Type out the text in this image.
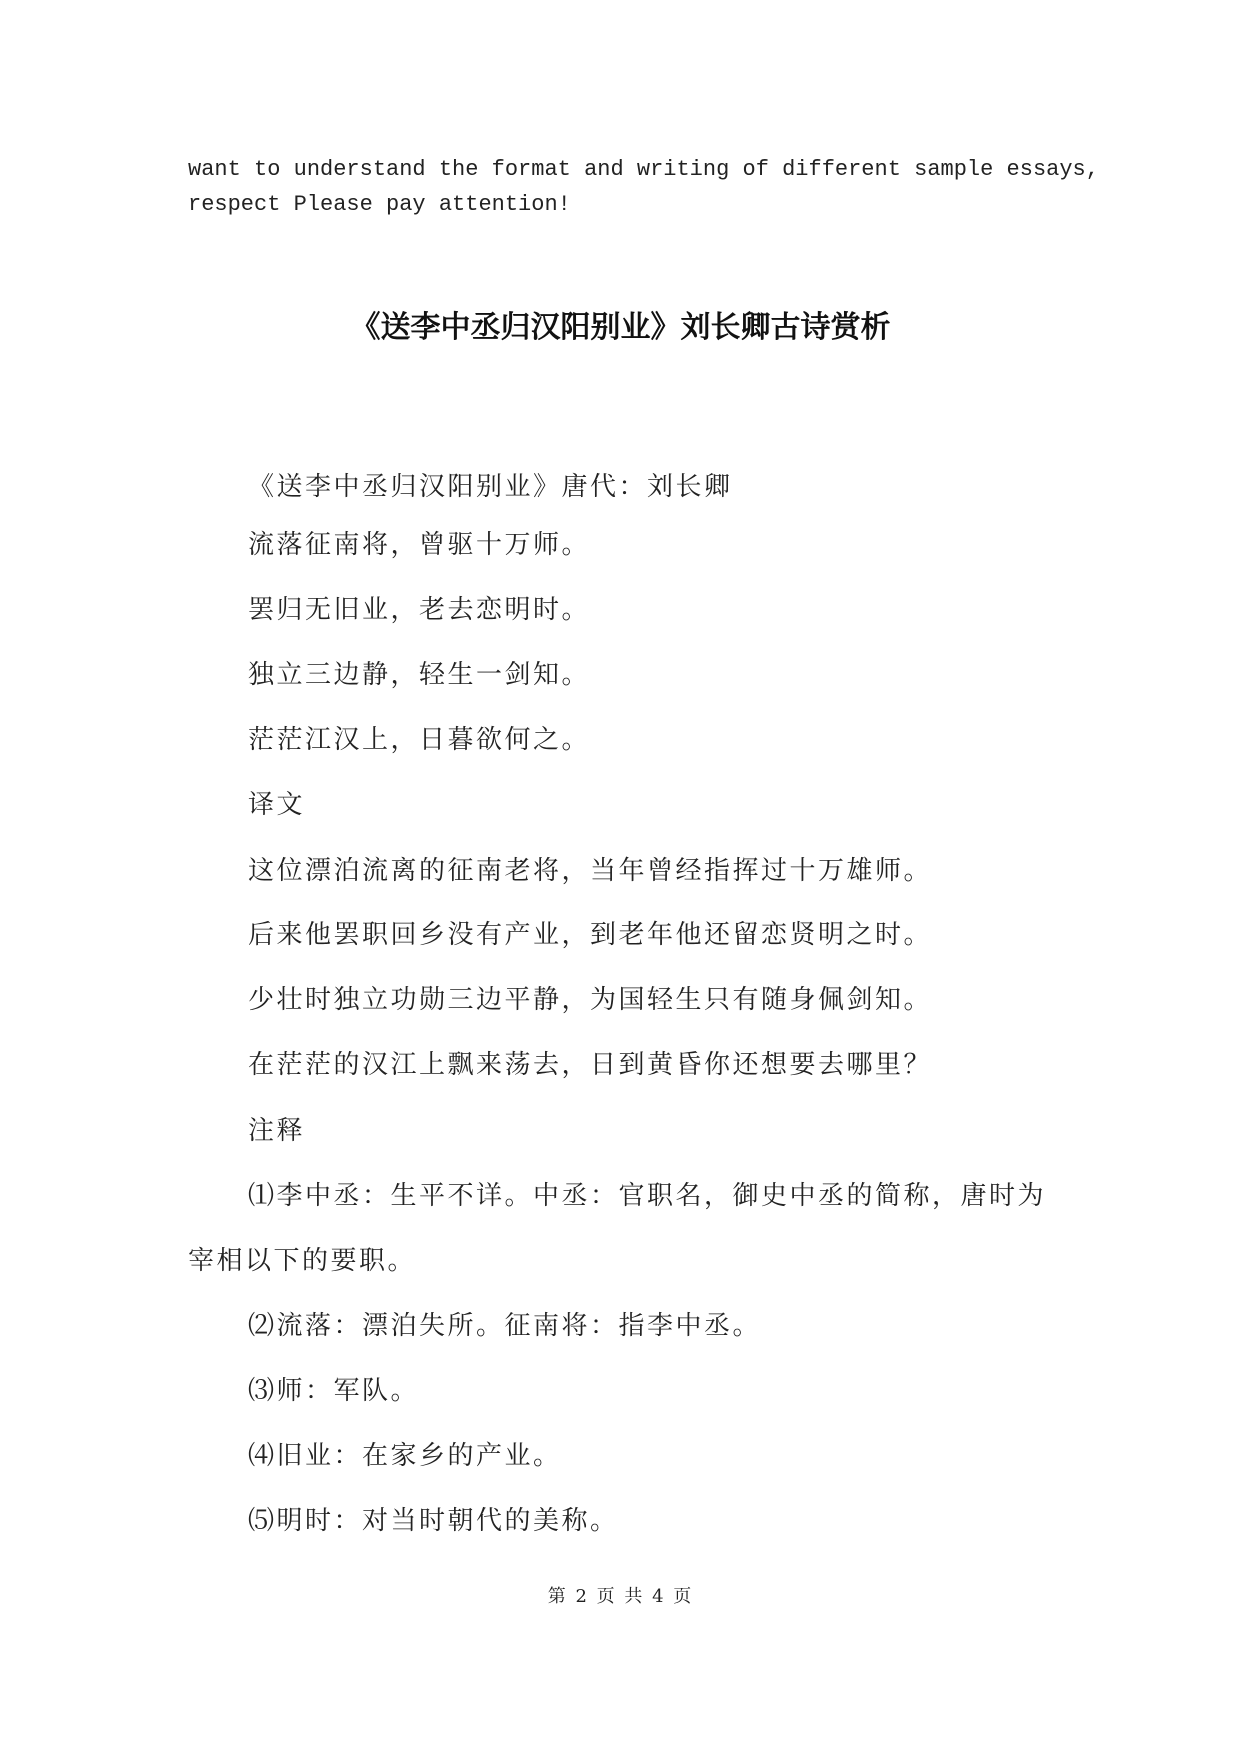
want to understand the format and writing of different sample essays,
respect Please pay attention!
《送李中丞归汉阳别业》刘长卿古诗赏析
《送李中丞归汉阳别业》唐代：刘长卿
流落征南将，曾驱十万师。
罢归无旧业，老去恋明时。
独立三边静，轻生一剑知。
茫茫江汉上，日暮欲何之。
译文
这位漂泊流离的征南老将，当年曾经指挥过十万雄师。
后来他罢职回乡没有产业，到老年他还留恋贤明之时。
少壮时独立功勋三边平静，为国轻生只有随身佩剑知。
在茫茫的汉江上飘来荡去，日到黄昏你还想要去哪里？
注释
⑴李中丞：生平不详。中丞：官职名，御史中丞的简称，唐时为
宰相以下的要职。
⑵流落：漂泊失所。征南将：指李中丞。
⑶师：军队。
⑷旧业：在家乡的产业。
⑸明时：对当时朝代的美称。
第 2 页 共 4 页
